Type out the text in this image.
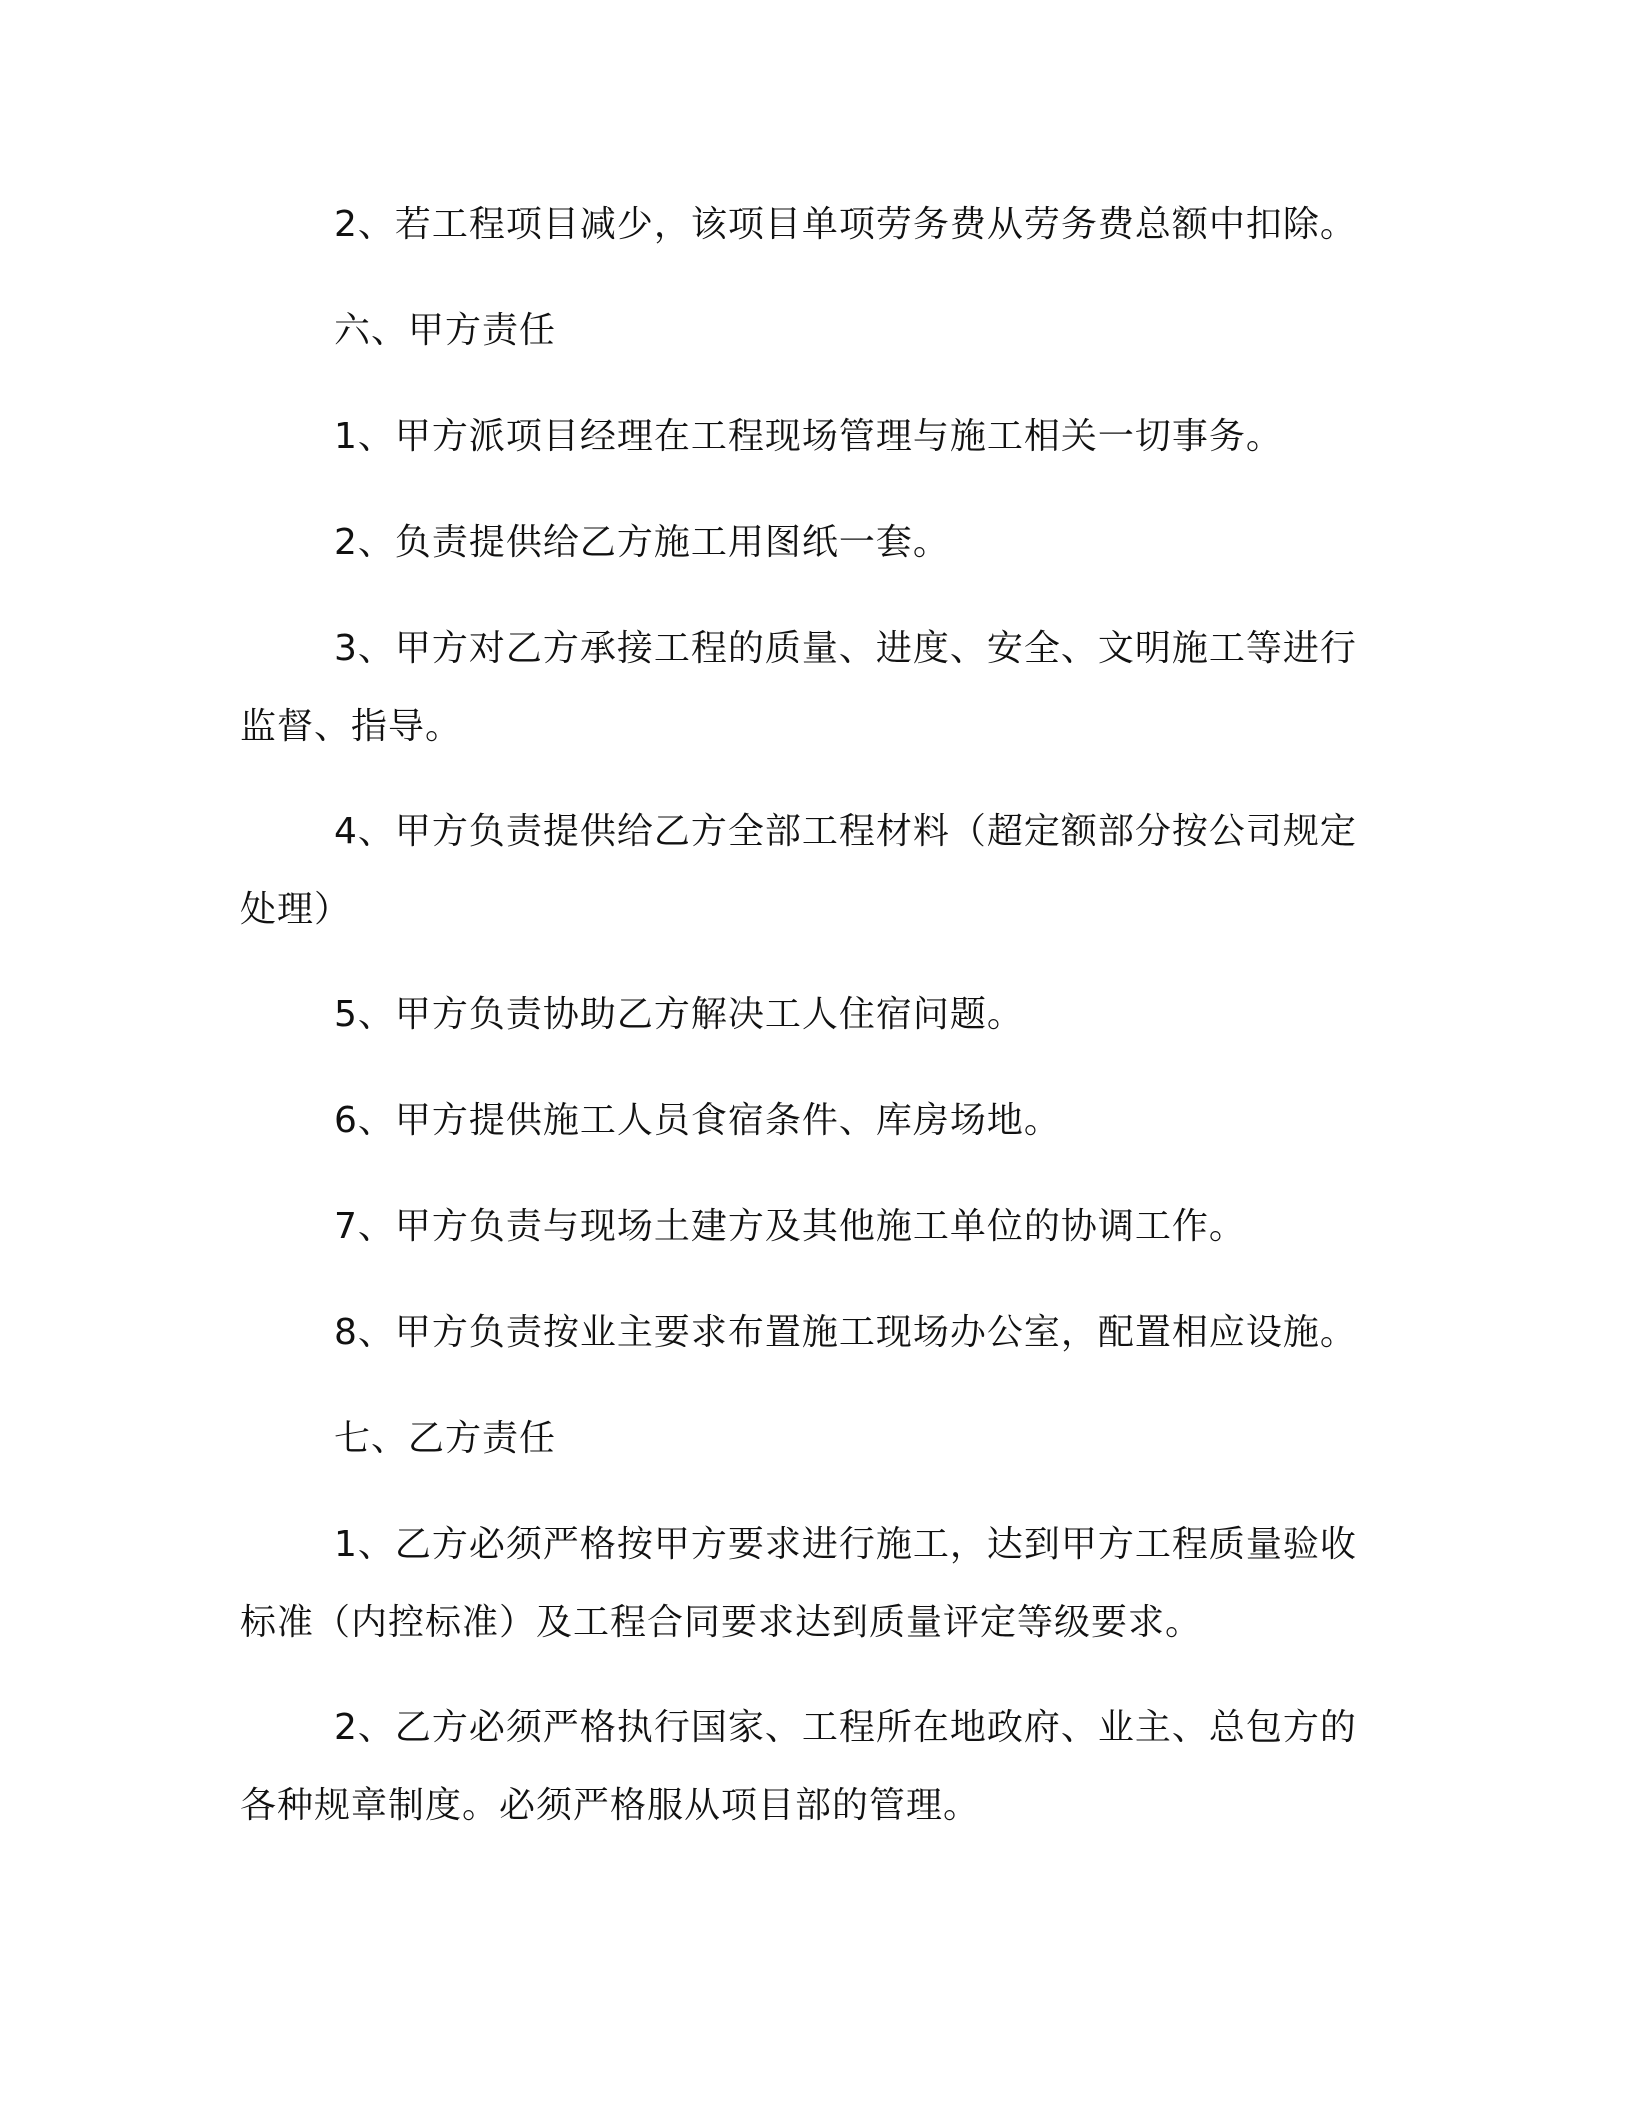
2、若工程项目减少，该项目单项劳务费从劳务费总额中扣除。

六、甲方责任

1、甲方派项目经理在工程现场管理与施工相关一切事务。

2、负责提供给乙方施工用图纸一套。

3、甲方对乙方承接工程的质量、进度、安全、文明施工等进行监督、指导。

4、甲方负责提供给乙方全部工程材料（超定额部分按公司规定处理）

5、甲方负责协助乙方解决工人住宿问题。

6、甲方提供施工人员食宿条件、库房场地。

7、甲方负责与现场土建方及其他施工单位的协调工作。

8、甲方负责按业主要求布置施工现场办公室，配置相应设施。

七、乙方责任

1、乙方必须严格按甲方要求进行施工，达到甲方工程质量验收标准（内控标准）及工程合同要求达到质量评定等级要求。

2、乙方必须严格执行国家、工程所在地政府、业主、总包方的各种规章制度。必须严格服从项目部的管理。
